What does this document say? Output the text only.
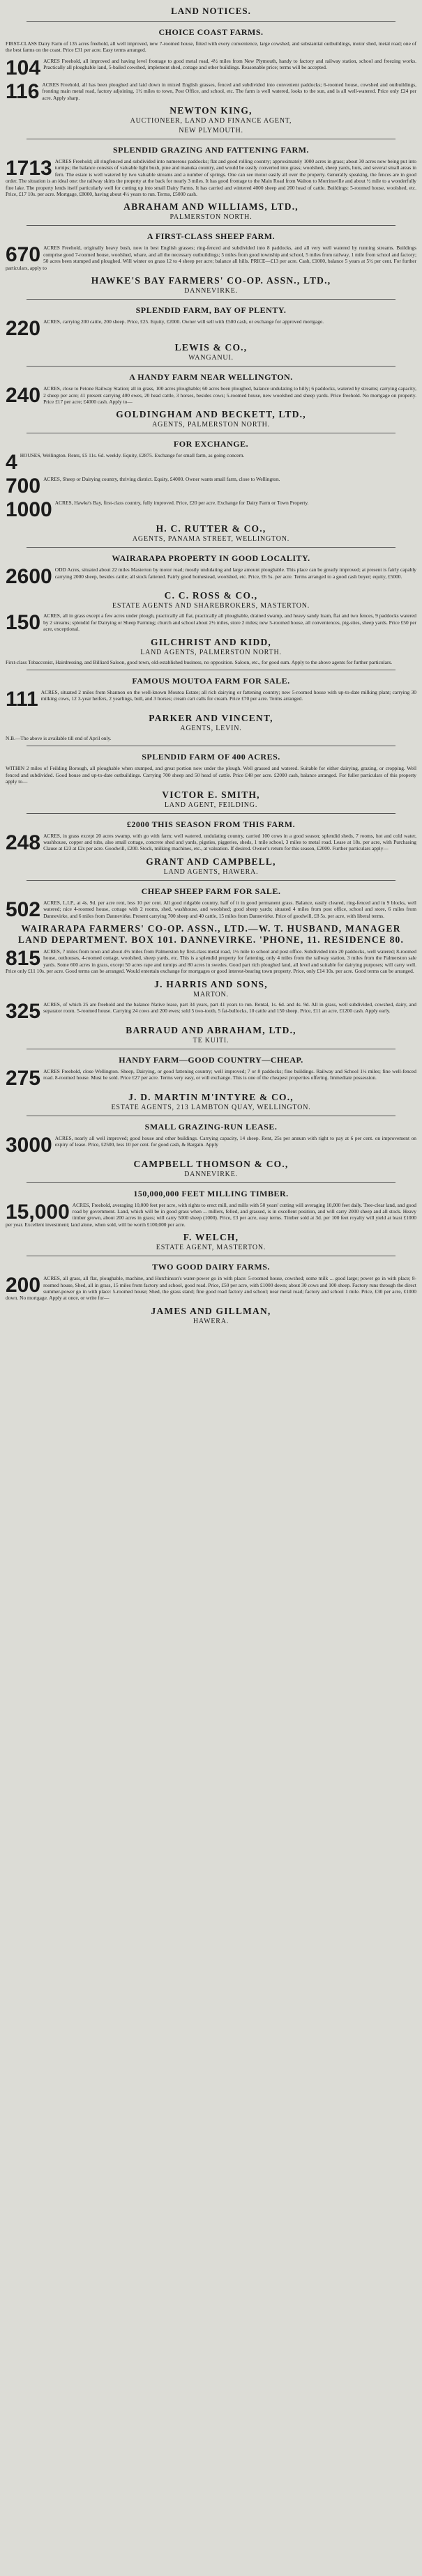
LAND NOTICES.
CHOICE COAST FARMS.
FIRST-CLASS Dairy Farm of 135 acres freehold, all well improved, new 7-roomed house, fitted with every convenience, large cowshed, and substantial outbuildings, motor shed, metal road; one of the best farms on the coast. Price £31 per acre. Easy terms arranged.
104 ACRES Freehold, all improved and having level frontage to good metal road, 4½ miles from New Plymouth, handy to factory and railway station, school and freezing works. Practically all ploughable land, 5-bailed cowshed, implement shed, cottage and other buildings. Reasonable price; terms will be accepted.
116 ACRES Freehold, all has been ploughed and laid down in mixed English grasses, fenced and subdivided into convenient paddocks; 6-roomed house, cowshed and outbuildings, fronting main metal road, factory adjoining, 1½ miles to town, Post Office, and school, etc. The farm is well watered, looks to the sun, and is all well-watered. Price only £24 per acre. Apply sharp.
NEWTON KING,
AUCTIONEER, LAND AND FINANCE AGENT,
NEW PLYMOUTH.
SPLENDID GRAZING AND FATTENING FARM.
1713 ACRES Freehold; all ringfenced and subdivided into numerous paddocks; flat and good rolling country; approximately 1000 acres in grass; about 30 acres now being put into turnips; the balance consists of valuable light bush, pine and manuka country, and would be easily converted into grass; woolshed, sheep yards, huts, and several small areas in fern. The estate is well watered by two valuable streams and a number of springs. One can see motor easily all over the property. Generally speaking, the fences are in good order. The situation is an ideal one: the railway skirts the property at the back for nearly 3 miles. It has good frontage to the Main Road from Walton to Morrinsville and about ½ mile to a wonderfully fine lake. The property lends itself particularly well for cutting up into small Dairy Farms. It has carried and wintered 4000 sheep and 200 head of cattle. Buildings: 5-roomed house, woolshed, etc. Price, £17 10s. per acre. Mortgage, £8000, having about 4½ years to run. Terms, £5000 cash.
ABRAHAM AND WILLIAMS, LTD.,
PALMERSTON NORTH.
A FIRST-CLASS SHEEP FARM.
670 ACRES Freehold, originally heavy bush, now in best English grasses; ring-fenced and subdivided into 8 paddocks, and all very well watered by running streams. Buildings comprise good 7-roomed house, woolshed, whare, and all the necessary outbuildings; 5 miles from good township and school, 5 miles from railway, 1 mile from school and factory; 50 acres been stumped and ploughed. Will winter on grass 12 to 4 sheep per acre; balance all hills. PRICE—£13 per acre. Cash, £1000, balance 5 years at 5½ per cent. For further particulars, apply to
HAWKE'S BAY FARMERS' CO-OP. ASSN., LTD.,
DANNEVIRKE.
SPLENDID FARM, BAY OF PLENTY.
220 ACRES, carrying 200 cattle, 200 sheep. Price, £25. Equity, £2000. Owner will sell with £500 cash, or exchange for approved mortgage.
LEWIS & CO.,
WANGANUI.
A HANDY FARM NEAR WELLINGTON.
240 ACRES, close to Petone Railway Station; all in grass, 100 acres ploughable; 60 acres been ploughed, balance undulating to hilly; 6 paddocks, watered by streams; carrying capacity, 2 sheep per acre; 41 present carrying 400 ewes, 20 head cattle, 3 horses, besides cows; 5-roomed house, new woolshed and sheep yards. Price freehold. No mortgage on property. Price £17 per acre; £4000 cash. Apply to—
GOLDINGHAM AND BECKETT, LTD.,
AGENTS, PALMERSTON NORTH.
FOR EXCHANGE.
4 HOUSES, Wellington. Rents, £5 11s. 6d. weekly. Equity, £2875. Exchange for small farm, as going concern.
700 ACRES, Sheep or Dairying country, thriving district. Equity, £4000. Owner wants small farm, close to Wellington.
1000 ACRES, Hawke's Bay, first-class country, fully improved. Price, £20 per acre. Exchange for Dairy Farm or Town Property.
H. C. RUTTER & CO.,
AGENTS, PANAMA STREET, WELLINGTON.
WAIRARAPA PROPERTY IN GOOD LOCALITY.
2600 ODD Acres, situated about 22 miles Masterton by motor road; mostly undulating and large amount ploughable. This place can be greatly improved; at present is fairly capably carrying 2000 sheep, besides cattle; all stock fattened. Fairly good homestead, woolshed, etc. Price, £6 5s. per acre. Terms arranged to a good cash buyer; equity, £5000.
C. C. ROSS & CO.,
ESTATE AGENTS AND SHAREBROKERS, MASTERTON.
150 ACRES, all in grass except a few acres under plough, practically all flat, practically all ploughable, drained swamp, and heavy sandy loam, flat and two fences, 9 paddocks watered by 2 streams; splendid for Dairying or Sheep Farming; church and school about 2½ miles, store 2 miles; new 5-roomed house, all conveniences, pig-sties, sheep yards. Price £50 per acre, exceptional.
GILCHRIST AND KIDD,
LAND AGENTS, PALMERSTON NORTH.
First-class Tobacconist, Hairdressing, and Billiard Saloon, good town, old-established business, no opposition. Saloon, etc., for good sum. Apply to the above agents for further particulars.
FAMOUS MOUTOA FARM FOR SALE.
111 ACRES, situated 2 miles from Shannon on the well-known Moutoa Estate; all rich dairying or fattening country; new 5-roomed house with up-to-date milking plant; carrying 30 milking cows, 12 3-year heifers, 2 yearlings, bull, and 3 horses; cream cart calls for cream. Price £70 per acre. Terms arranged.
PARKER AND VINCENT,
AGENTS, LEVIN.
N.B.—The above is available till end of April only.
SPLENDID FARM OF 400 ACRES.
WITHIN 2 miles of Feilding Borough, all ploughable when stumped, and great portion now under the plough. Well grassed and watered. Suitable for either dairying, grazing, or cropping. Well fenced and subdivided. Good house and up-to-date outbuildings. Carrying 700 sheep and 50 head of cattle. Price £48 per acre. £2000 cash, balance arranged. For fuller particulars of this property apply to—
VICTOR E. SMITH,
LAND AGENT, FEILDING.
£2000 THIS SEASON FROM THIS FARM.
248 ACRES, in grass except 20 acres swamp, with go with farm; well watered, undulating country, carried 100 cows in a good season; splendid sheds, 7 rooms, hot and cold water, washhouse, copper and tubs, also small cottage, concrete shed and yards, pigsties, piggeries, sheds, 1 mile school, 3 miles to metal road. Lease at 18s. per acre, with Purchasing Clause at £23 at £2s per acre. Goodwill, £200. Stock, milking machines, etc., at valuation. If desired. Owner's return for this season, £2000. Further particulars apply—
GRANT AND CAMPBELL,
LAND AGENTS, HAWERA.
CHEAP SHEEP FARM FOR SALE.
502 ACRES, L.I.P., at 4s. 9d. per acre rent, less 10 per cent. All good ridgable country, half of it in good permanent grass. Balance, easily cleared, ring-fenced and in 9 blocks, well watered; nice 4-roomed house, cottage with 2 rooms, shed, washhouse, and woolshed; good sheep yards; situated 4 miles from post office, school and store, 6 miles from Dannevirke, and 6 miles from Dannevirke. Present carrying 700 sheep and 40 cattle, 15 miles from Dannevirke. Price of goodwill, £8 5s. per acre, with liberal terms.
WAIRARAPA FARMERS' CO-OP. ASSN., LTD.—W. T. HUSBAND, MANAGER LAND DEPARTMENT. BOX 101. DANNEVIRKE. 'PHONE, 11. RESIDENCE 80.
815 ACRES, 7 miles from town and about 4½ miles from Palmerston by first-class metal road, 1½ mile to school and post office. Subdivided into 20 paddocks, well watered; 8-roomed house, outhouses, 4-roomed cottage, woolshed, sheep yards, etc. This is a splendid property for fattening, only 4 miles from the railway station, 3 miles from the Palmerston sale yards. Some 600 acres in grass, except 50 acres rape and turnips and 80 acres in swedes. Good part rich ploughed land, all level and suitable for dairying purposes; will carry well. Price only £11 10s. per acre. Good terms can be arranged. Would entertain exchange for mortgages or good interest-bearing town property. Price, only £14 10s. per acre. Good terms can be arranged.
J. HARRIS AND SONS,
MARTON.
325 ACRES, of which 25 are freehold and the balance Native lease, part 34 years, part 41 years to run. Rental, 1s. 6d. and 4s. 9d. All in grass, well subdivided, cowshed, dairy, and separator room. 5-roomed house. Carrying 24 cows and 200 ewes; sold 5 two-tooth, 5 fat-bullocks, 10 cattle and 150 sheep. Price, £11 an acre, £1200 cash. Apply early.
BARRAUD AND ABRAHAM, LTD.,
TE KUITI.
HANDY FARM—GOOD COUNTRY—CHEAP.
275 ACRES Freehold, close Wellington. Sheep, Dairying, or good fattening country; well improved; 7 or 8 paddocks; fine buildings. Railway and School 1½ miles; fine well-fenced road. 8-roomed house. Must be sold. Price £27 per acre. Terms very easy, or will exchange. This is one of the cheapest properties offering. Immediate possession.
J. D. MARTIN M'INTYRE & CO.,
ESTATE AGENTS, 213 LAMBTON QUAY, WELLINGTON.
SMALL GRAZING-RUN LEASE.
3000 ACRES, nearly all well improved; good house and other buildings. Carrying capacity, 14 sheep. Rent, 25s per annum with right to pay at 6 per cent. on improvement on expiry of lease. Price, £2500, less 10 per cent. for good cash, & Bargain. Apply
CAMPBELL THOMSON & CO.,
DANNEVIRKE.
150,000,000 FEET MILLING TIMBER.
15,000 ACRES, Freehold, averaging 10,000 feet per acre, with rights to erect mill, and mills with 50 years' cutting will averaging 10,000 feet daily. Tree-clear land, and good road by government. Land, which will be in good grass when ... millers, felled, and grassed, is in excellent position, and will carry 2000 sheep and all stock. Heavy timber grown, about 200 acres in grass; will carry 5000 sheep (1000). Price, £3 per acre, easy terms. Timber sold at 3d. per 100 feet royalty will yield at least £1000 per year. Excellent investment; land alone, when sold, will be worth £100,000 per acre.
F. WELCH,
ESTATE AGENT, MASTERTON.
TWO GOOD DAIRY FARMS.
200 ACRES, all grass, all flat, ploughable, machine, and Hutchinson's water-power go in with place: 5-roomed house, cowshed; some milk ... good large; power go in with place; 8-roomed house, Shed, all in grass, 15 miles from factory and school, good road. Price, £50 per acre, with £1000 down; about 30 cows and 100 sheep. Factory runs through the direct summer-power go in with place: 5-roomed house; Shed, the grass stand; fine good road factory and school; near metal road; factory and school 1 mile. Price, £30 per acre, £1000 down. No mortgage. Apply at once, or write for—
JAMES AND GILLMAN,
HAWERA.
